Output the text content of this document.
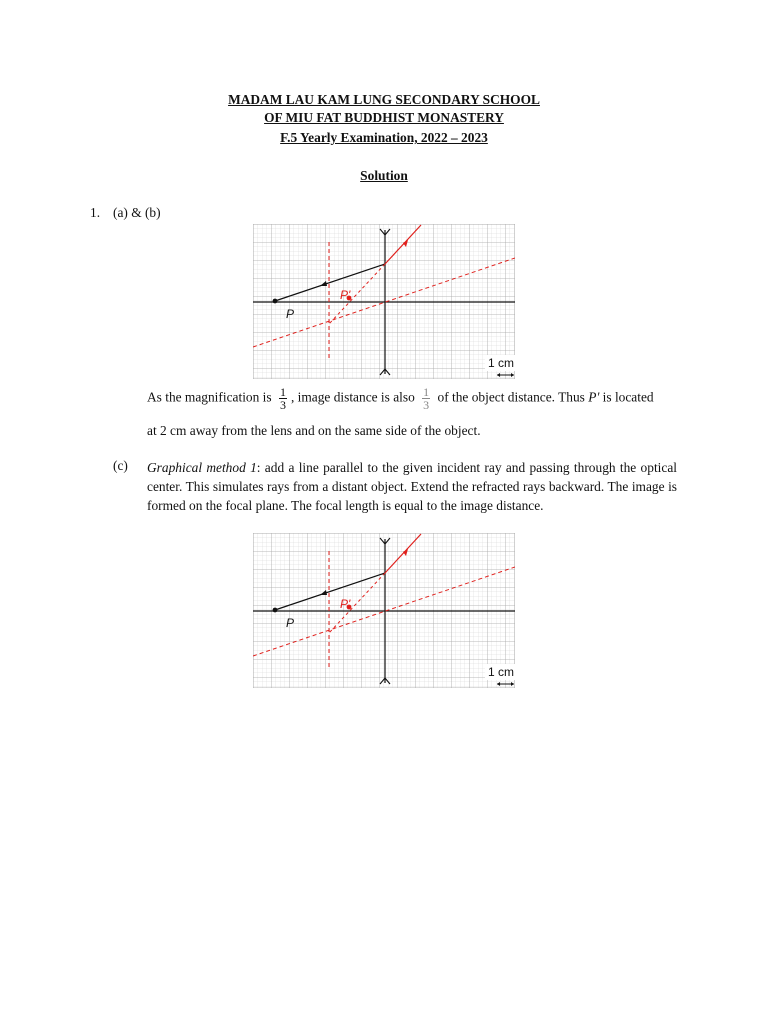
MADAM LAU KAM LUNG SECONDARY SCHOOL
OF MIU FAT BUDDHIST MONASTERY
F.5 Yearly Examination, 2022 – 2023
Solution
1. (a) & (b)
P'
P
1 cm
As the magnification is $\frac{1}{3}$ , image distance is also $\frac{1}{3}$ of the object distance. Thus P' is located
at 2 cm away from the lens and on the same side of the object.
(c) Graphical method 1: add a line parallel to the given incident ray and passing through the optical center. This simulates rays from a distant object. Extend the refracted rays backward. The image is formed on the focal plane. The focal length is equal to the image distance.
P'
P
1 cm
